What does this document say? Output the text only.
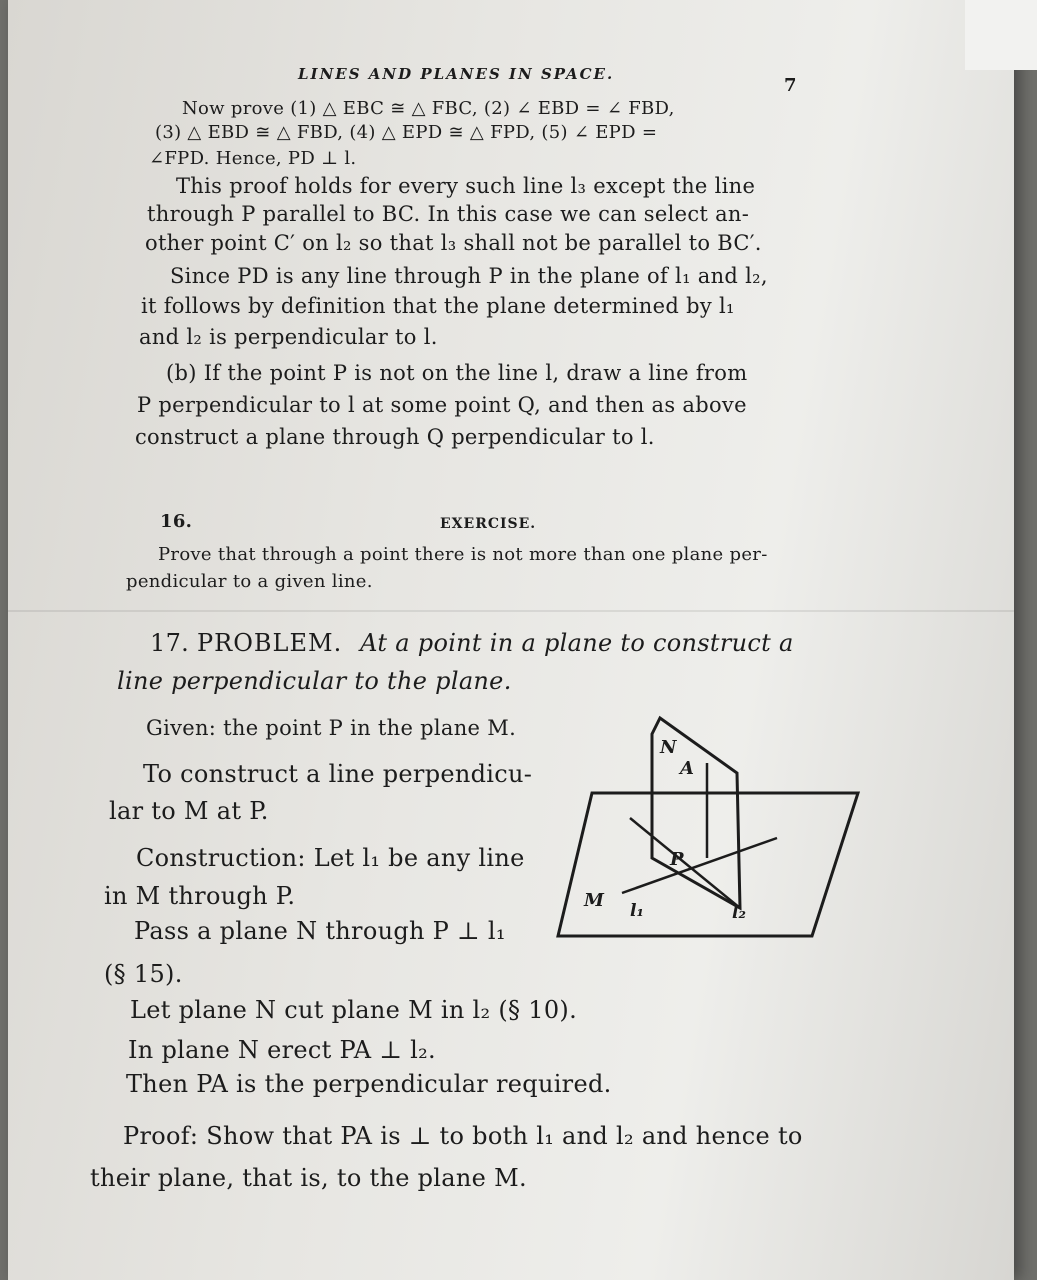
LINES AND PLANES IN SPACE.
7
Now prove (1) △ EBC ≅ △ FBC, (2) ∠ EBD = ∠ FBD,
(3) △ EBD ≅ △ FBD, (4) △ EPD ≅ △ FPD, (5) ∠ EPD =
∠FPD. Hence, PD ⊥ l.
This proof holds for every such line l₃ except the line
through P parallel to BC. In this case we can select an-
other point C′ on l₂ so that l₃ shall not be parallel to BC′.
Since PD is any line through P in the plane of l₁ and l₂,
it follows by definition that the plane determined by l₁
and l₂ is perpendicular to l.
(b) If the point P is not on the line l, draw a line from
P perpendicular to l at some point Q, and then as above
construct a plane through Q perpendicular to l.
16.	EXERCISE.
Prove that through a point there is not more than one plane per-
pendicular to a given line.
17. PROBLEM. At a point in a plane to construct a
line perpendicular to the plane.
Given: the point P in the plane M.
To construct a line perpendicu-
lar to M at P.
Construction: Let l₁ be any line
in M through P.
Pass a plane N through P ⊥ l₁
(§ 15).
Let plane N cut plane M in l₂ (§ 10).
In plane N erect PA ⊥ l₂.
Then PA is the perpendicular required.
Proof: Show that PA is ⊥ to both l₁ and l₂ and hence to
their plane, that is, to the plane M.
N
A
P
M l₁	l₂
